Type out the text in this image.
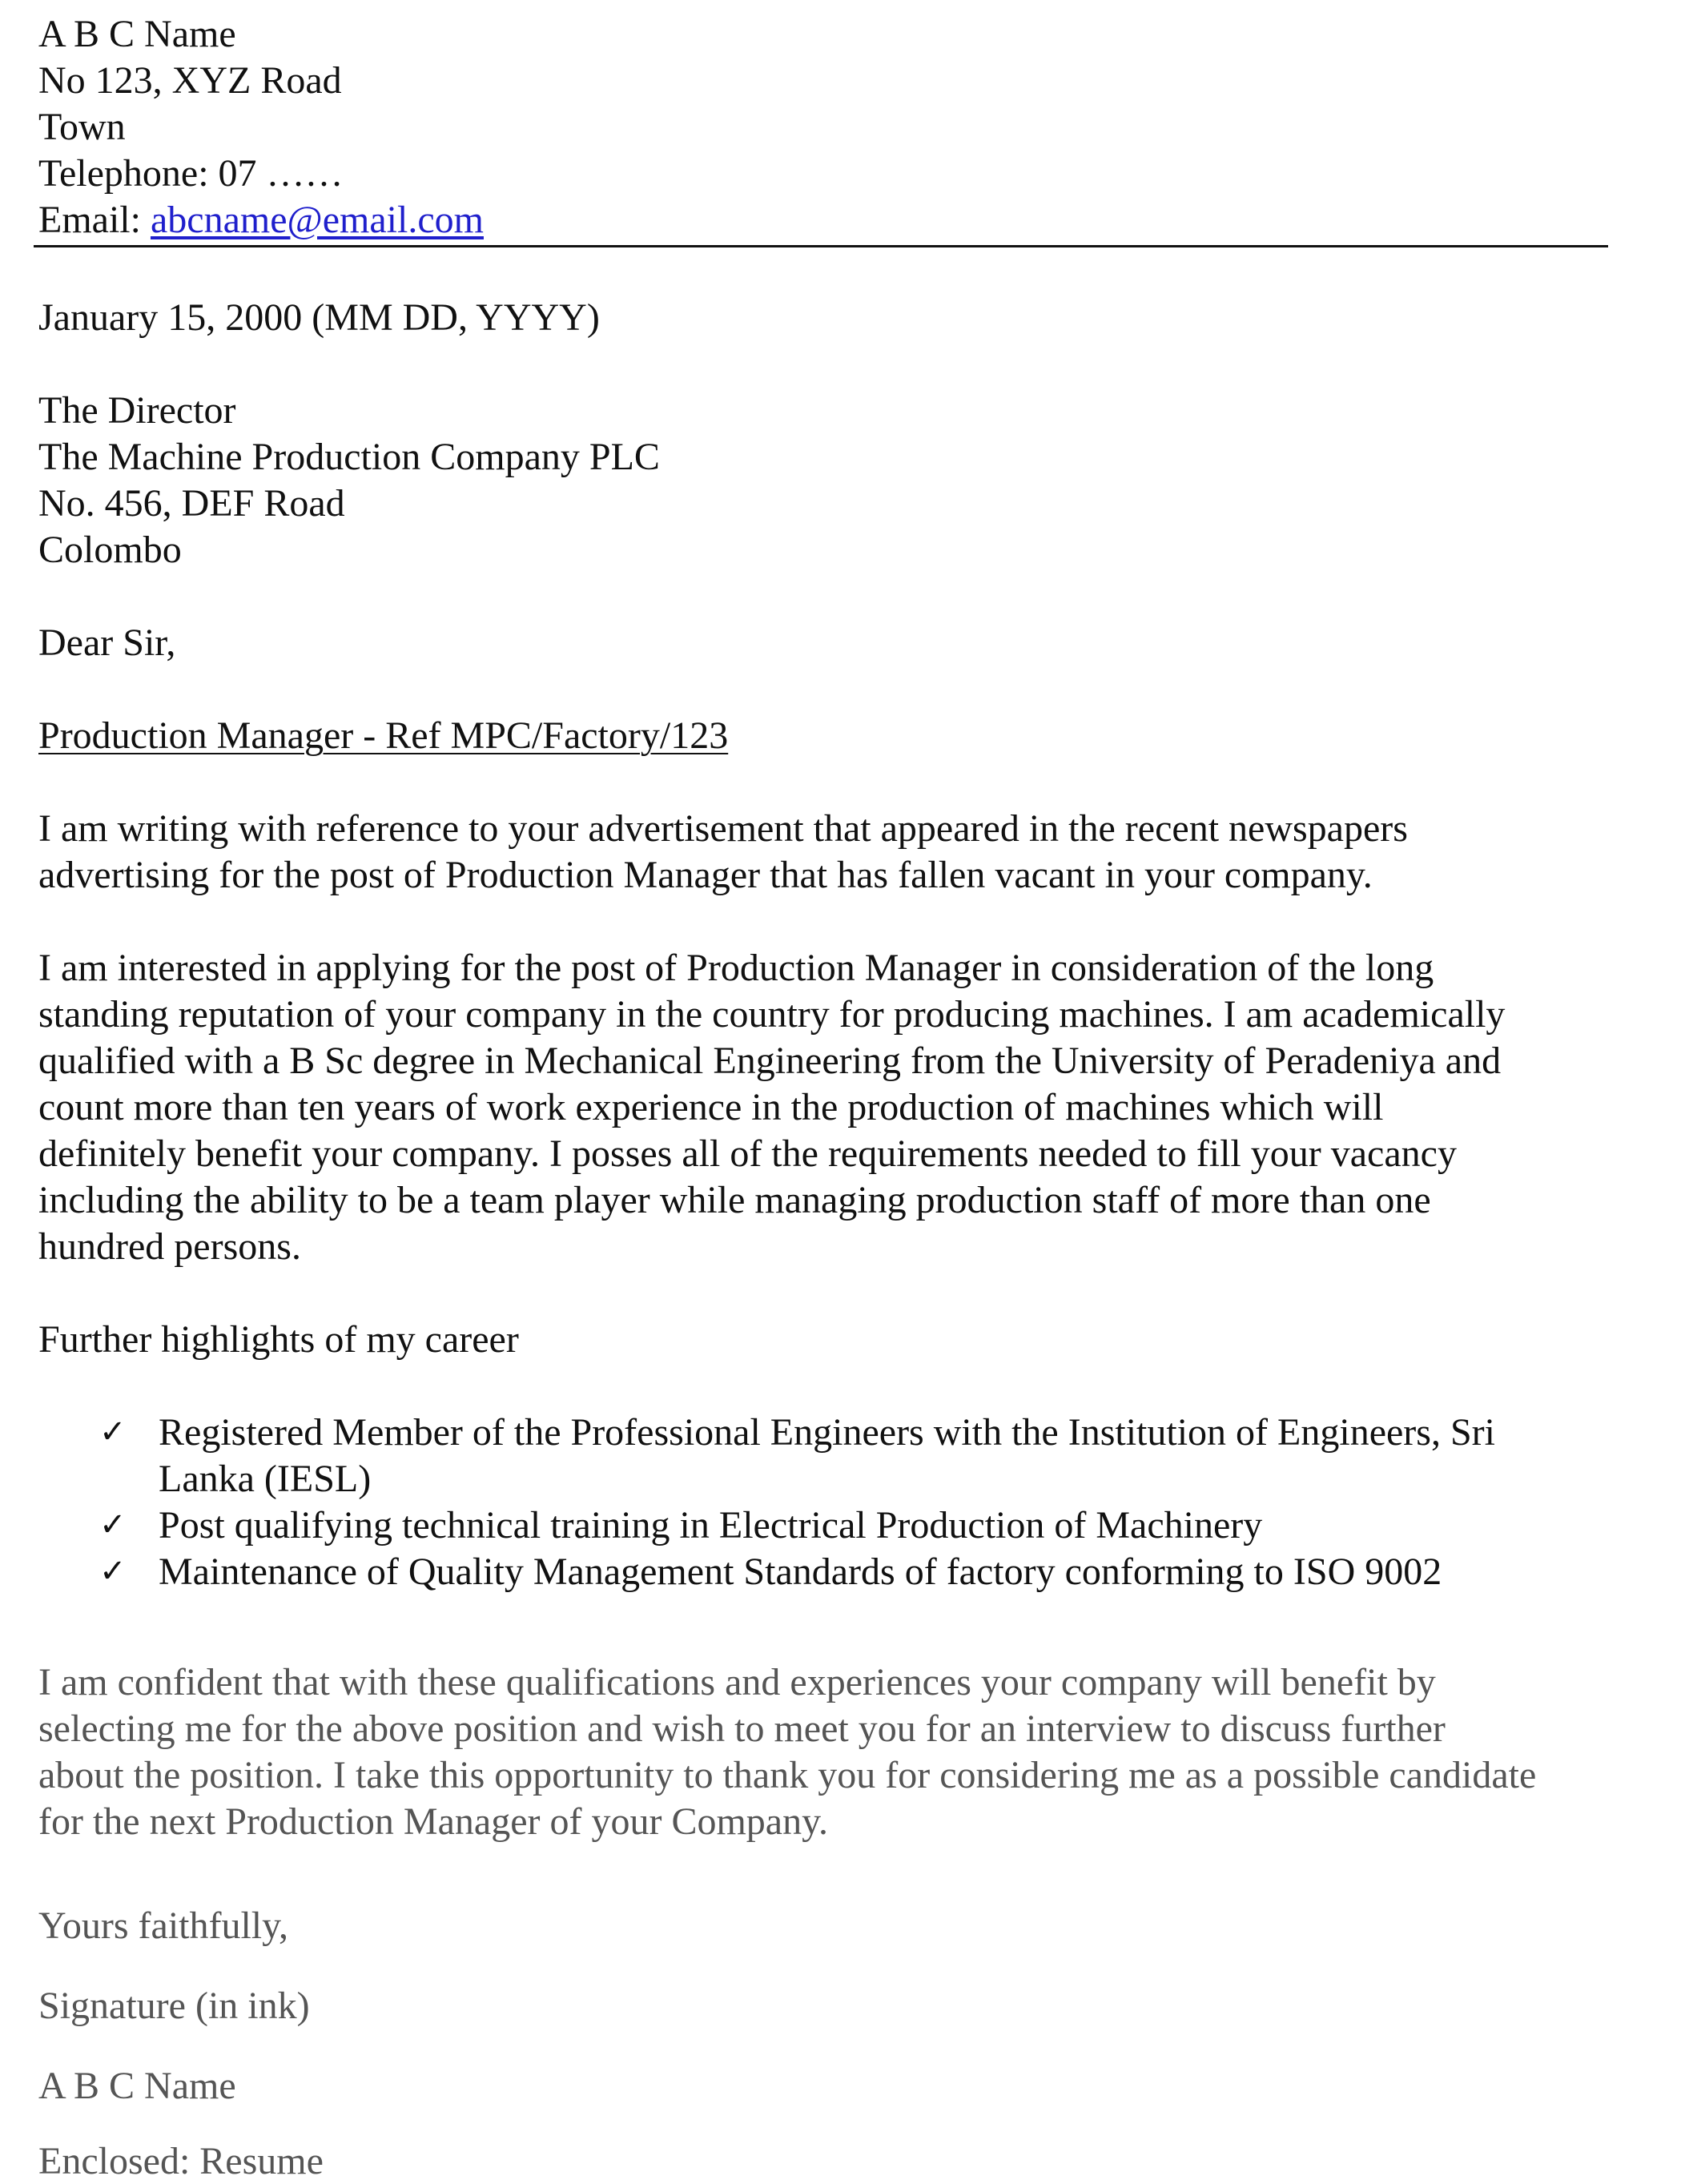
A B C Name
No 123, XYZ Road
Town
Telephone: 07 ……
Email: abcname@email.com
January 15, 2000 (MM DD, YYYY)
The Director
The Machine Production Company PLC
No. 456, DEF Road
Colombo
Dear Sir,
Production Manager - Ref MPC/Factory/123
I am writing with reference to your advertisement that appeared in the recent newspapers
advertising for the post of Production Manager that has fallen vacant in your company.
I am interested in applying for the post of Production Manager in consideration of the long
standing reputation of your company in the country for producing machines. I am academically
qualified with a B Sc degree in Mechanical Engineering from the University of Peradeniya and
count more than ten years of work experience in the production of machines which will
definitely benefit your company. I posses all of the requirements needed to fill your vacancy
including the ability to be a team player while managing production staff of more than one
hundred persons.
Further highlights of my career
✓ Registered Member of the Professional Engineers with the Institution of Engineers, Sri
Lanka (IESL)
✓ Post qualifying technical training in Electrical Production of Machinery
✓ Maintenance of Quality Management Standards of factory conforming to ISO 9002
I am confident that with these qualifications and experiences your company will benefit by
selecting me for the above position and wish to meet you for an interview to discuss further
about the position. I take this opportunity to thank you for considering me as a possible candidate
for the next Production Manager of your Company.
Yours faithfully,
Signature (in ink)
A B C Name
Enclosed: Resume
